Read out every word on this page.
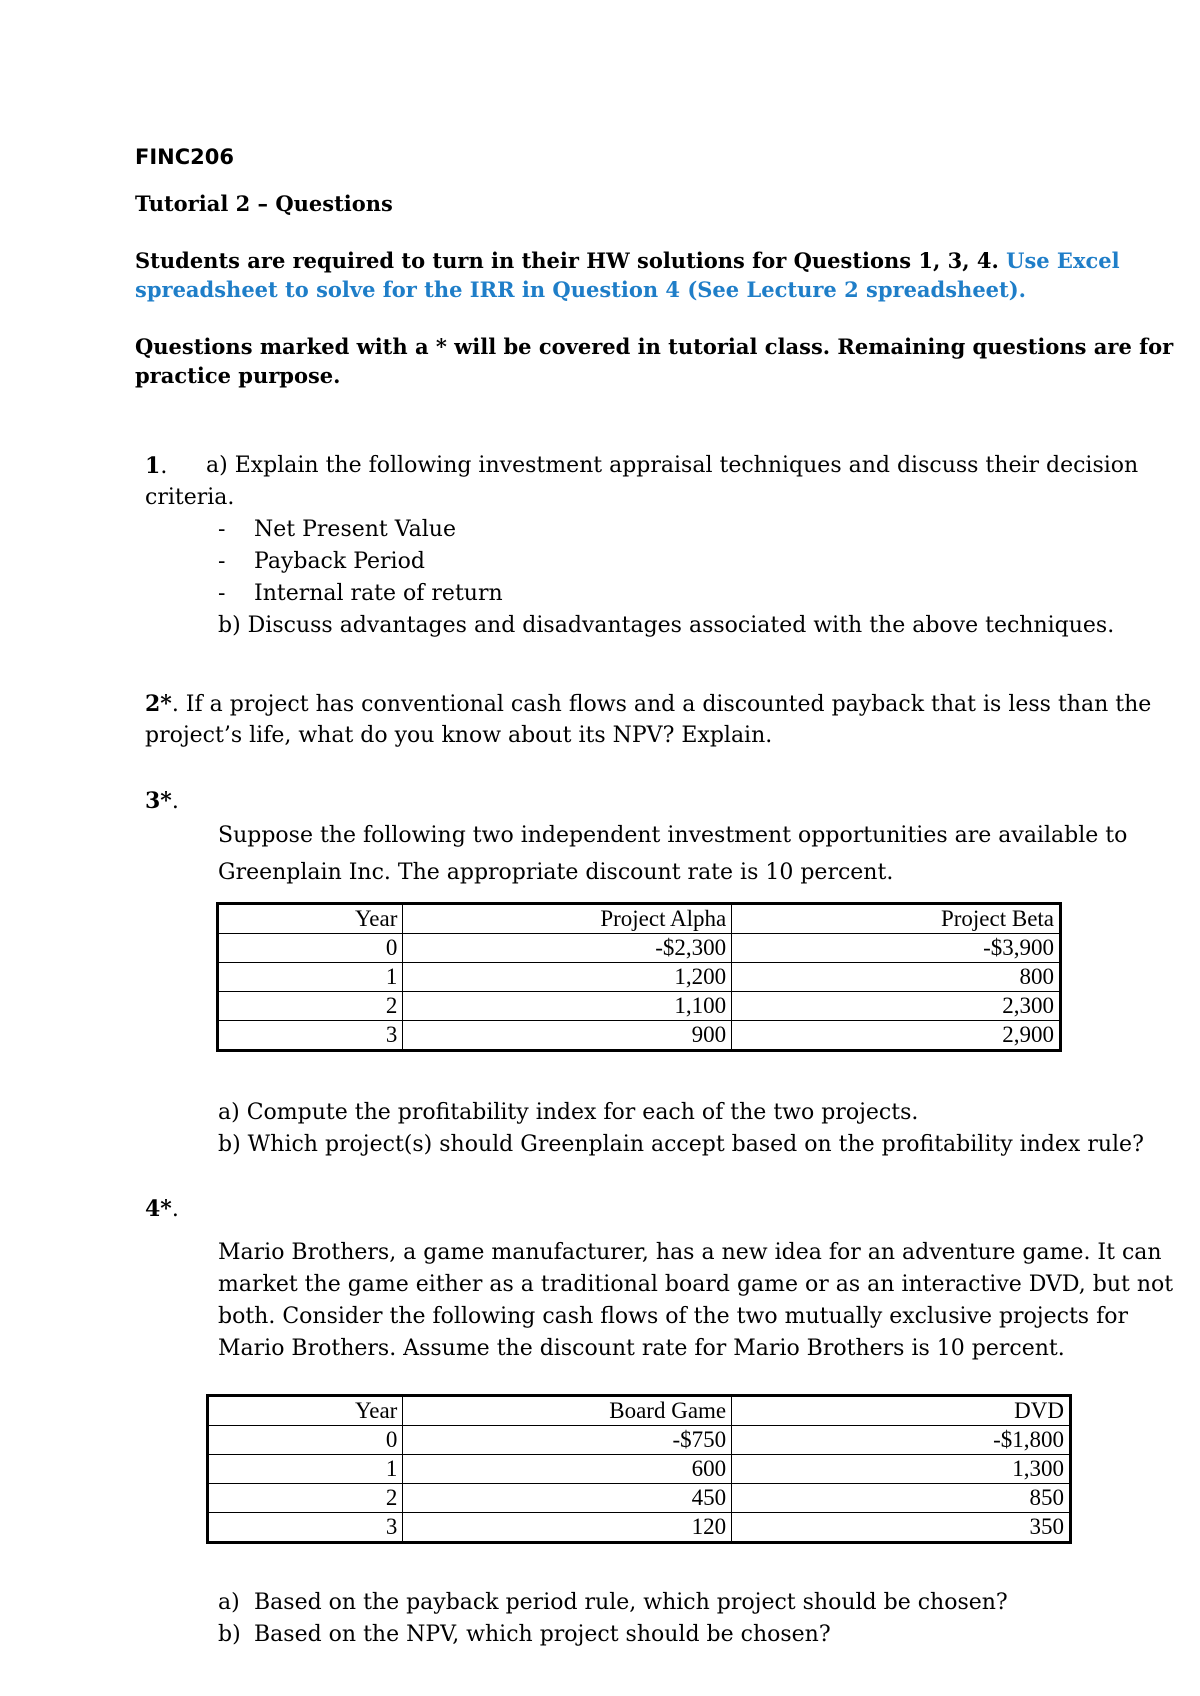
FINC206
Tutorial 2 – Questions
Students are required to turn in their HW solutions for Questions 1, 3, 4. Use Excel
spreadsheet to solve for the IRR in Question 4 (See Lecture 2 spreadsheet).
Questions marked with a * will be covered in tutorial class. Remaining questions are for
practice purpose.
1. a) Explain the following investment appraisal techniques and discuss their decision
criteria.
- Net Present Value
- Payback Period
- Internal rate of return
b) Discuss advantages and disadvantages associated with the above techniques.
2*. If a project has conventional cash flows and a discounted payback that is less than the
project’s life, what do you know about its NPV? Explain.
3*.
Suppose the following two independent investment opportunities are available to
Greenplain Inc. The appropriate discount rate is 10 percent.
Year	Project Alpha	Project Beta
0	-$2,300	-$3,900
1	1,200	800
2	1,100	2,300
3	900	2,900
a) Compute the profitability index for each of the two projects.
b) Which project(s) should Greenplain accept based on the profitability index rule?
4*.
Mario Brothers, a game manufacturer, has a new idea for an adventure game. It can
market the game either as a traditional board game or as an interactive DVD, but not
both. Consider the following cash flows of the two mutually exclusive projects for
Mario Brothers. Assume the discount rate for Mario Brothers is 10 percent.
Year	Board Game	DVD
0	-$750	-$1,800
1	600	1,300
2	450	850
3	120	350
a) Based on the payback period rule, which project should be chosen?
b) Based on the NPV, which project should be chosen?
